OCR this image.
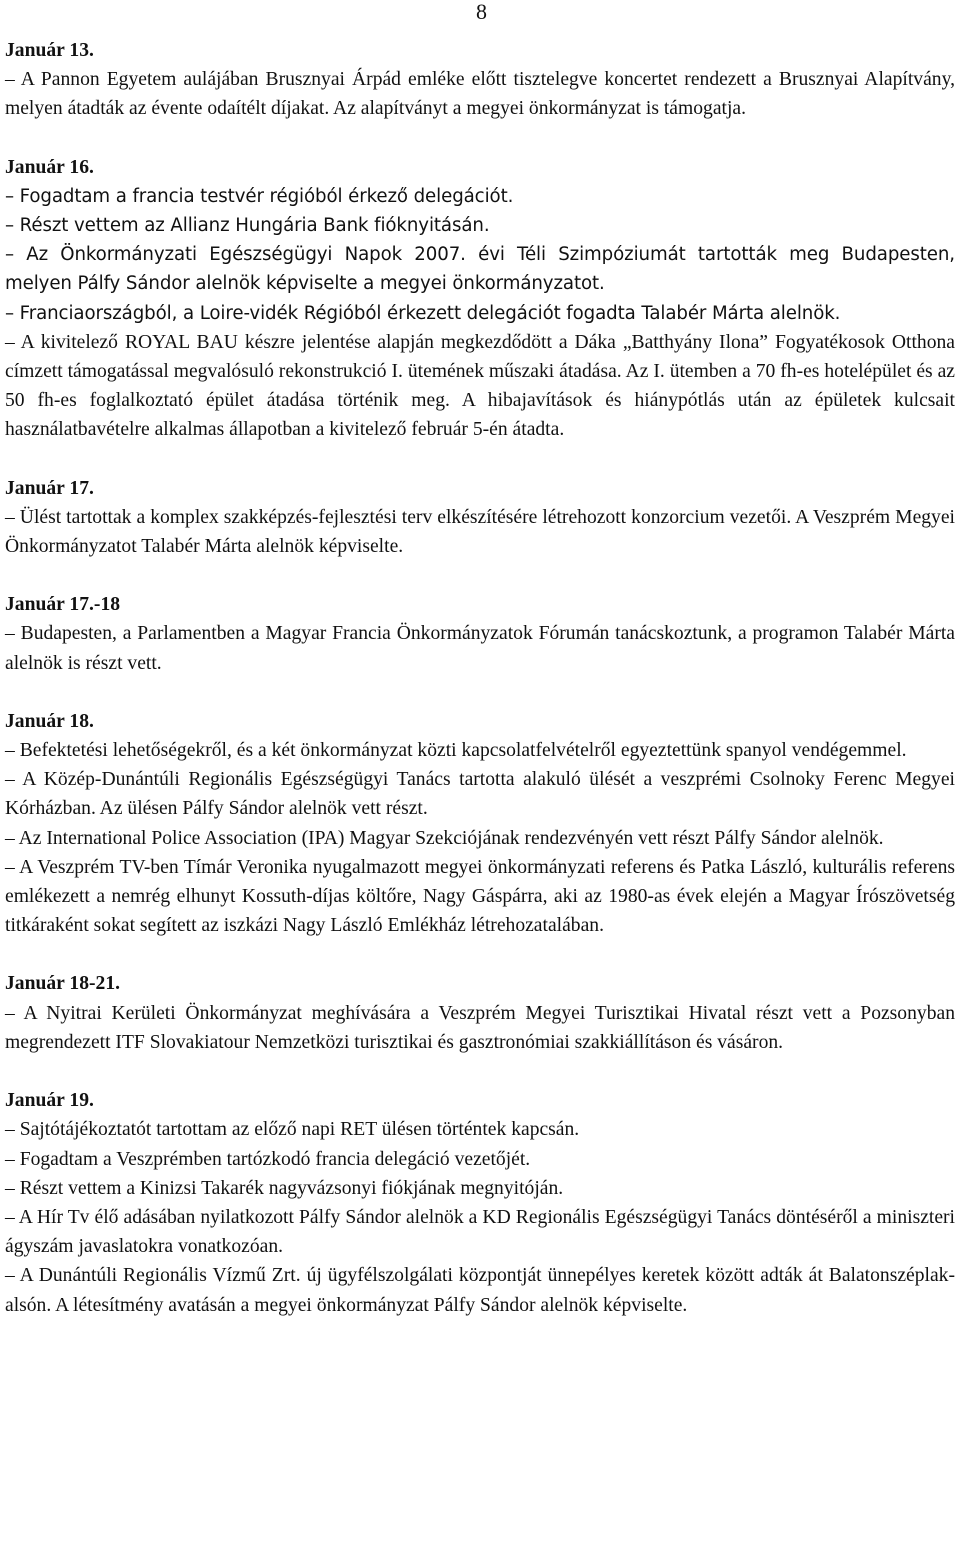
8

Január 13.

– A Pannon Egyetem aulájában Brusznyai Árpád emléke előtt tisztelegve koncertet rendezett a Brusznyai Alapítvány, melyen átadták az évente odaítélt díjakat. Az alapítványt a megyei önkormányzat is támogatja.

Január 16.

– Fogadtam a francia testvér régióból érkező delegációt.

– Részt vettem az Allianz Hungária Bank fióknyitásán.

– Az Önkormányzati Egészségügyi Napok 2007. évi Téli Szimpóziumát tartották meg Budapesten, melyen Pálfy Sándor alelnök képviselte a megyei önkormányzatot.

– Franciaországból, a Loire-vidék Régióból érkezett delegációt fogadta Talabér Márta alelnök.

– A kivitelező ROYAL BAU készre jelentése alapján megkezdődött a Dáka „Batthyány Ilona” Fogyatékosok Otthona címzett támogatással megvalósuló rekonstrukció I. ütemének műszaki átadása. Az I. ütemben a 70 fh-es hotelépület és az 50 fh-es foglalkoztató épület átadása történik meg. A hibajavítások és hiánypótlás után az épületek kulcsait használatbavételre alkalmas állapotban a kivitelező február 5-én átadta.

Január 17.

– Ülést tartottak a komplex szakképzés-fejlesztési terv elkészítésére létrehozott konzorcium vezetői. A Veszprém Megyei Önkormányzatot Talabér Márta alelnök képviselte.

Január 17.-18

– Budapesten, a Parlamentben a Magyar Francia Önkormányzatok Fórumán tanácskoztunk, a programon Talabér Márta alelnök is részt vett.

Január 18.

– Befektetési lehetőségekről, és a két önkormányzat közti kapcsolatfelvételről egyeztettünk spanyol vendégemmel.

– A Közép-Dunántúli Regionális Egészségügyi Tanács tartotta alakuló ülését a veszprémi Csolnoky Ferenc Megyei Kórházban. Az ülésen Pálfy Sándor alelnök vett részt.

– Az International Police Association (IPA) Magyar Szekciójának rendezvényén vett részt Pálfy Sándor alelnök.

– A Veszprém TV-ben Tímár Veronika nyugalmazott megyei önkormányzati referens és Patka László, kulturális referens emlékezett a nemrég elhunyt Kossuth-díjas költőre, Nagy Gáspárra, aki az 1980-as évek elején a Magyar Írószövetség titkáraként sokat segített az iszkázi Nagy László Emlékház létrehozatalában.

Január 18-21.

– A Nyitrai Kerületi Önkormányzat meghívására a Veszprém Megyei Turisztikai Hivatal részt vett a Pozsonyban megrendezett ITF Slovakiatour Nemzetközi turisztikai és gasztronómiai szakkiállításon és vásáron.

Január 19.

– Sajtótájékoztatót tartottam az előző napi RET ülésen történtek kapcsán.

– Fogadtam a Veszprémben tartózkodó francia delegáció vezetőjét.

– Részt vettem a Kinizsi Takarék nagyvázsonyi fiókjának megnyitóján.

– A Hír Tv élő adásában nyilatkozott Pálfy Sándor alelnök a KD Regionális Egészségügyi Tanács döntéséről a miniszteri ágyszám javaslatokra vonatkozóan.

– A Dunántúli Regionális Vízmű Zrt. új ügyfélszolgálati központját ünnepélyes keretek között adták át Balatonszéplak-alsón. A létesítmény avatásán a megyei önkormányzat Pálfy Sándor alelnök képviselte.
